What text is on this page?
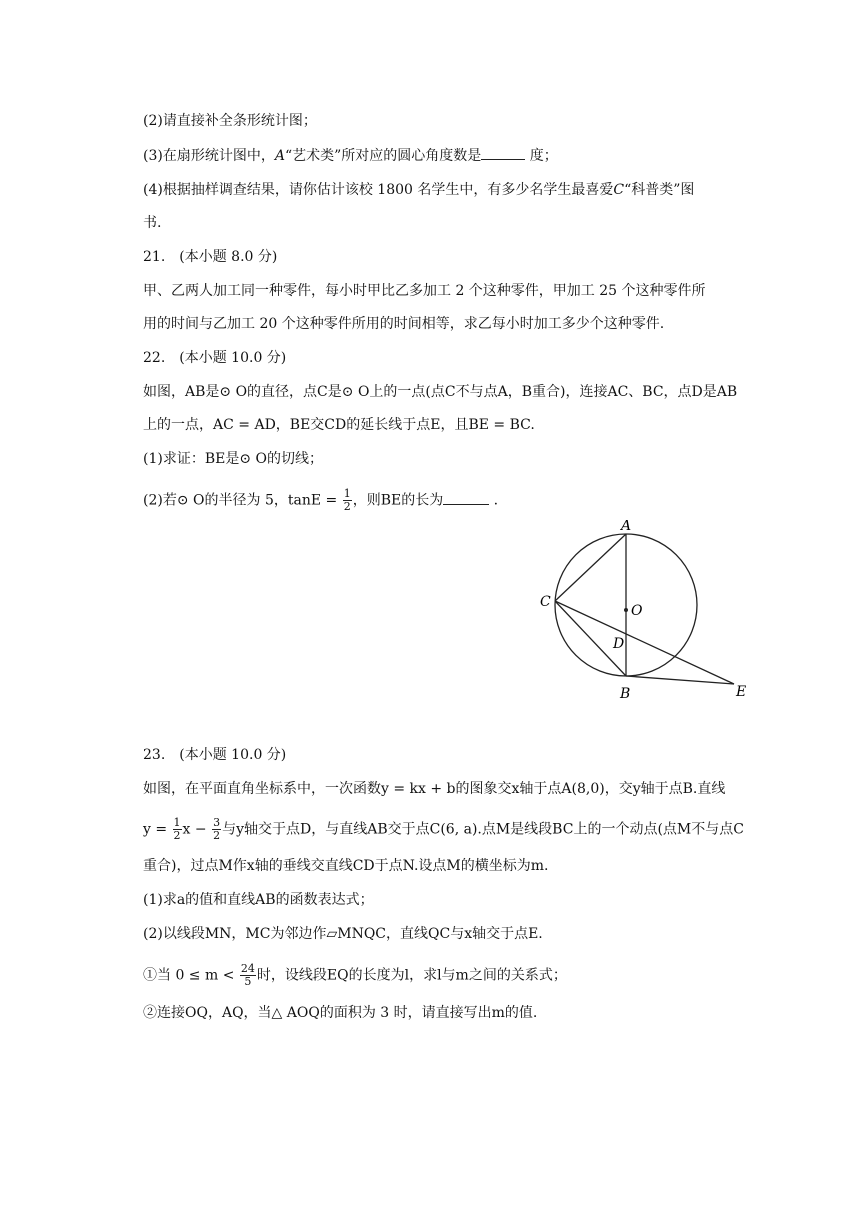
(2)请直接补全条形统计图；
(3)在扇形统计图中，A“艺术类”所对应的圆心角度数是	度；
(4)根据抽样调查结果，请你估计该校 1800 名学生中，有多少名学生最喜爱C“科普类”图
书.
21.　(本小题 8.0 分)
甲、乙两人加工同一种零件，每小时甲比乙多加工 2 个这种零件，甲加工 25 个这种零件所
用的时间与乙加工 20 个这种零件所用的时间相等，求乙每小时加工多少个这种零件.
22.　(本小题 10.0 分)
如图，AB是⊙ O的直径，点C是⊙ O上的一点(点C不与点A，B重合)，连接AC、BC，点D是AB
上的一点，AC = AD，BE交CD的延长线于点E，且BE = BC.
(1)求证：BE是⊙ O的切线；
(2)若⊙ O的半径为 5，$\tan E = \frac{1}{2}$ ，则BE的长为	.
A
B
C
D
E
O
23.　(本小题 10.0 分)
如图，在平面直角坐标系中，一次函数y = kx + b的图象交x轴于点A(8,0)，交y轴于点B.直线
$y = \frac{1}{2}$ $x - \frac{3}{2}$ 与y轴交于点D，与直线AB交于点C(6, a).点M是线段BC上的一个动点(点M不与点C
重合)，过点M作x轴的垂线交直线CD于点N.设点M的横坐标为m.
(1)求a的值和直线AB的函数表达式；
(2)以线段MN，MC为邻边作▱MNQC，直线QC与x轴交于点E.
①当 $0 \le m < \frac{24}{5}$ 时，设线段EQ的长度为l，求l与m之间的关系式；
②连接OQ，AQ，当△ AOQ的面积为 3 时，请直接写出m的值.
